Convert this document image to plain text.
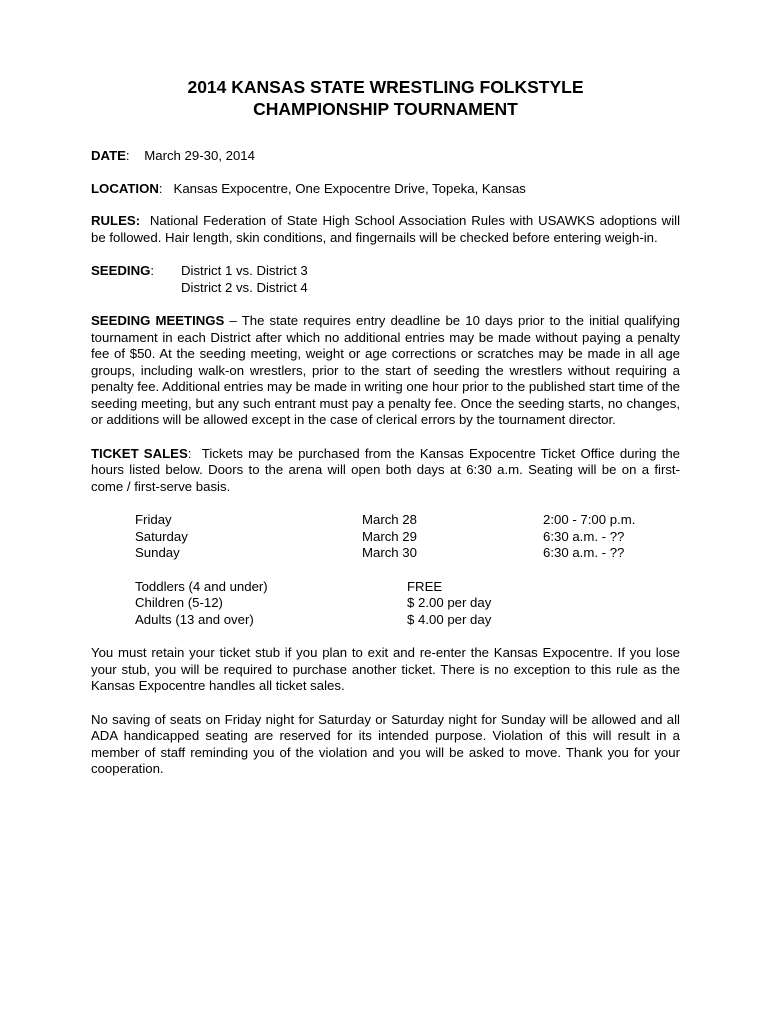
2014 KANSAS STATE WRESTLING FOLKSTYLE
CHAMPIONSHIP TOURNAMENT
DATE:    March 29-30, 2014
LOCATION:   Kansas Expocentre, One Expocentre Drive, Topeka, Kansas
RULES: National Federation of State High School Association Rules with USAWKS adoptions will be followed. Hair length, skin conditions, and fingernails will be checked before entering weigh-in.
SEEDING:	District 1 vs. District 3
District 2 vs. District 4
SEEDING MEETINGS – The state requires entry deadline be 10 days prior to the initial qualifying tournament in each District after which no additional entries may be made without paying a penalty fee of $50. At the seeding meeting, weight or age corrections or scratches may be made in all age groups, including walk-on wrestlers, prior to the start of seeding the wrestlers without requiring a penalty fee. Additional entries may be made in writing one hour prior to the published start time of the seeding meeting, but any such entrant must pay a penalty fee. Once the seeding starts, no changes, or additions will be allowed except in the case of clerical errors by the tournament director.
TICKET SALES:  Tickets may be purchased from the Kansas Expocentre Ticket Office during the hours listed below. Doors to the arena will open both days at 6:30 a.m. Seating will be on a first-come / first-serve basis.
Friday	March 28	2:00 - 7:00 p.m.
Saturday	March 29	6:30 a.m. - ??
Sunday	March 30	6:30 a.m. - ??
Toddlers (4 and under)	FREE
Children (5-12)	$ 2.00 per day
Adults (13 and over)	$ 4.00 per day
You must retain your ticket stub if you plan to exit and re-enter the Kansas Expocentre. If you lose your stub, you will be required to purchase another ticket. There is no exception to this rule as the Kansas Expocentre handles all ticket sales.
No saving of seats on Friday night for Saturday or Saturday night for Sunday will be allowed and all ADA handicapped seating are reserved for its intended purpose. Violation of this will result in a member of staff reminding you of the violation and you will be asked to move. Thank you for your cooperation.
